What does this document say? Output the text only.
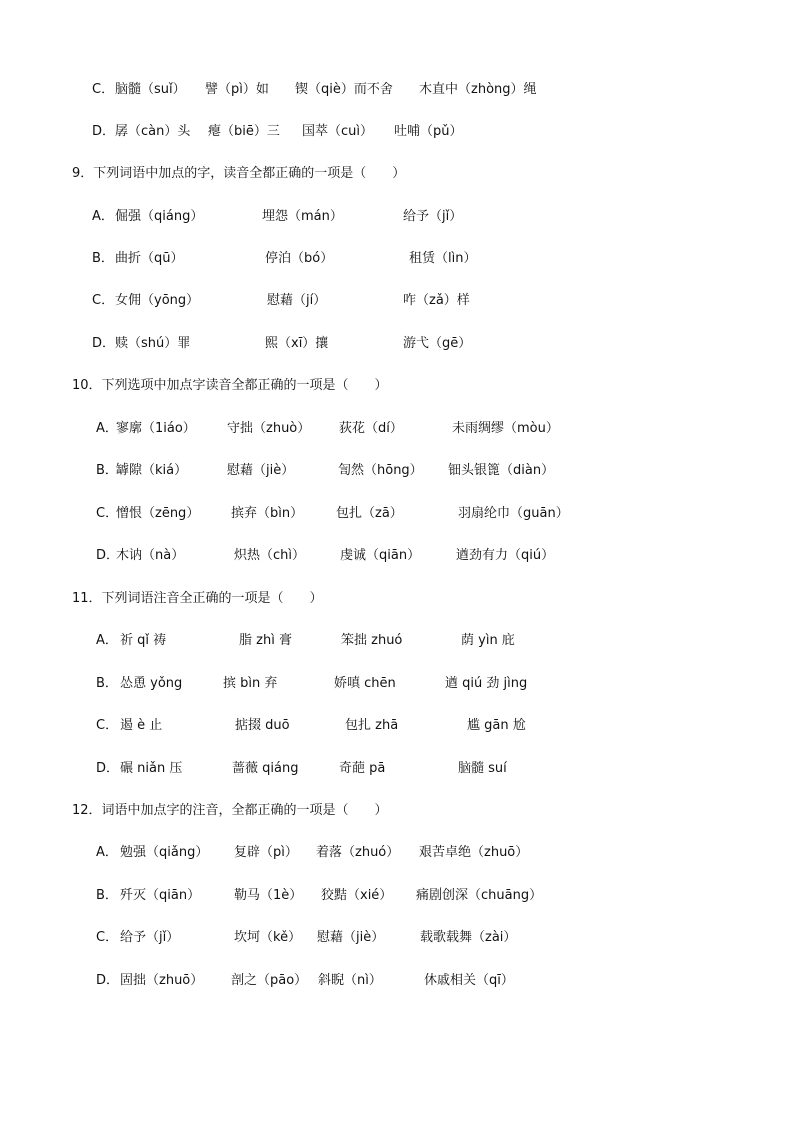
C． 脑髓（suǐ） 譬（pì）如 锲（qiè）而不舍 木直中（zhòng）绳
D． 孱（càn）头 瘪（biē）三 国萃（cuì） 吐哺（pǔ）
9．下列词语中加点的字，读音全都正确的一项是（　　）
A． 倔强（qiáng）	埋怨（mán）	给予（jǐ）
B． 曲折（qū）	停泊（bó）	租赁（lìn）
C． 女佣（yōng）	慰藉（jí）	咋（zǎ）样
D． 赎（shú）罪	熙（xī）攘	游弋（gē）
10．下列选项中加点字读音全都正确的一项是（　　）
A．
寥廓（1iáo） 守拙（zhuò） 荻花（dí）	未雨绸缪（mòu）
B．
罅隙（kiá）	慰藉（jiè）	訇然（hōng） 钿头银篦（diàn）
C．
憎恨（zēng） 摈弃（bìn）	包扎（zā）	羽扇纶巾（guān）
D．
木讷（nà）	炽热（chì）	虔诚（qiān）	遒劲有力（qiú）
11．下列词语注音全正确的一项是（　　）
A． 祈 qǐ 祷	脂 zhì 膏	笨拙 zhuó	荫 yìn 庇
B． 怂恿 yǒng	摈 bìn 弃	娇嗔 chēn	遒 qiú 劲 jìng
C． 遏 è 止	掂掇 duō	包扎 zhā	尴 gān 尬
D． 碾 niǎn 压	蔷薇 qiáng	奇葩 pā	脑髓 suí
12．词语中加点字的注音，全都正确的一项是（　　）
A． 勉强（qiǎng） 复辟（pì） 着落（zhuó） 艰苦卓绝（zhuō）
B． 歼灭（qiān）	勒马（1è） 狡黠（xié） 痛剧创深（chuāng）
C． 给予（jǐ）	坎坷（kě） 慰藉（jiè）	载歌载舞（zài）
D． 固拙（zhuō） 剖之（pāo） 斜睨（nì）	休戚相关（qī）
